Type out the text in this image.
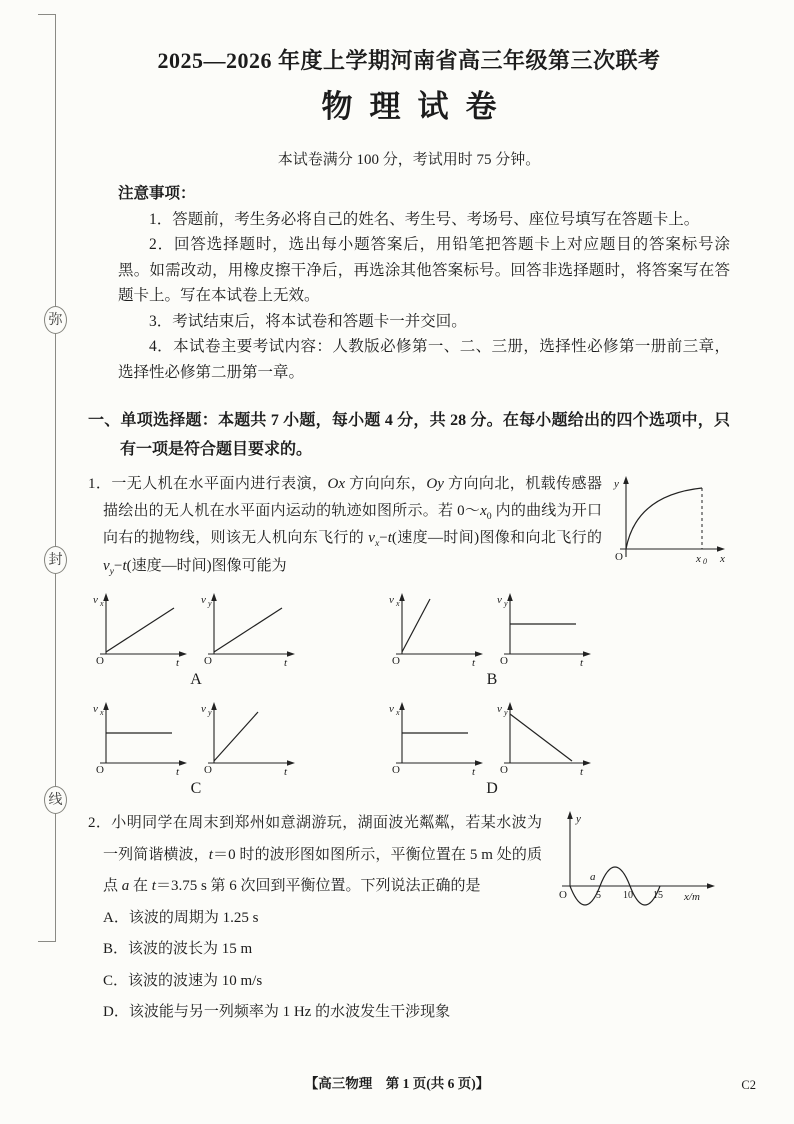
弥
封
线
2025—2026 年度上学期河南省高三年级第三次联考
物理试卷
本试卷满分 100 分，考试用时 75 分钟。
注意事项：

1．答题前，考生务必将自己的姓名、考生号、考场号、座位号填写在答题卡上。

2．回答选择题时，选出每小题答案后，用铅笔把答题卡上对应题目的答案标号涂黑。如需改动，用橡皮擦干净后，再选涂其他答案标号。回答非选择题时，将答案写在答题卡上。写在本试卷上无效。

3．考试结束后，将本试卷和答题卡一并交回。

4．本试卷主要考试内容：人教版必修第一、二、三册，选择性必修第一册前三章，选择性必修第二册第一章。

一、单项选择题：本题共 7 小题，每小题 4 分，共 28 分。在每小题给出的四个选项中，只有一项是符合题目要求的。

y
x
O	x 0
1．一无人机在水平面内进行表演，Ox 方向向东，Oy 方向向北，机载传感器描绘出的无人机在水平面内运动的轨迹如图所示。若 $0\sim x_0$ 内的曲线为开口向右的抛物线，则该无人机向东飞行的 $v_x-t$(速度—时间)图像和向北飞行的 $v_y-t$(速度—时间)图像可能为

v x
t
O
v y
t
O
A
v x
t
O
v y
t
O
B
v x
t
O
v y
t
O
C
v x
t
O
v y
t
O
D

y
x/m
O
a
5 10 15
2．小明同学在周末到郑州如意湖游玩，湖面波光粼粼，若某水波为一列简谐横波，t＝0 时的波形图如图所示，平衡位置在 5 m 处的质点 a 在 t＝3.75 s 第 6 次回到平衡位置。下列说法正确的是

A．该波的周期为 1.25 s
B．该波的波长为 15 m
C．该波的波速为 10 m/s
D．该波能与另一列频率为 1 Hz 的水波发生干涉现象
【高三物理　第 1 页(共 6 页)】	C2
